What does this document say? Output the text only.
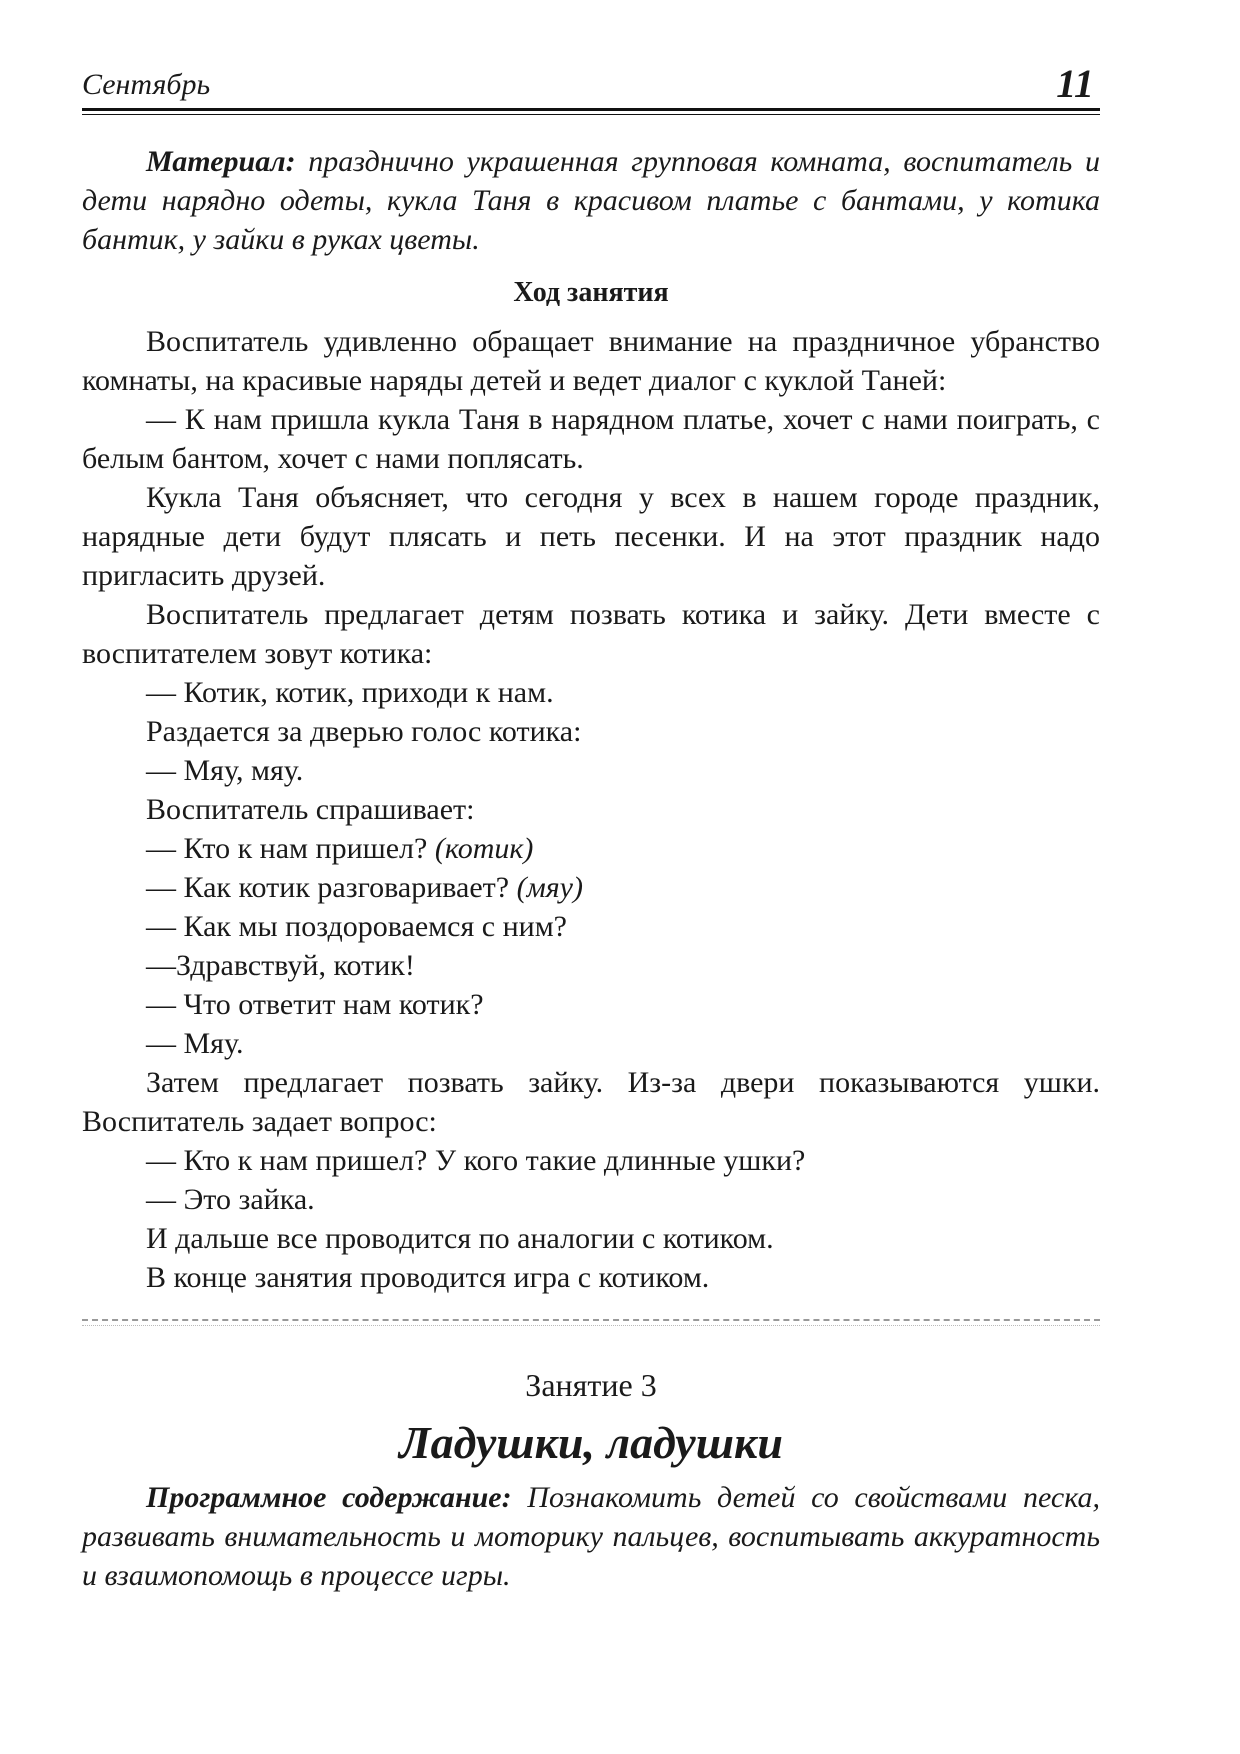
Сентябрь	11

Материал: празднично украшенная групповая комната, воспитатель и дети нарядно одеты, кукла Таня в красивом платье с бантами, у котика бантик, у зайки в руках цветы.

Ход занятия

Воспитатель удивленно обращает внимание на праздничное убранство комнаты, на красивые наряды детей и ведет диалог с куклой Таней:

— К нам пришла кукла Таня в нарядном платье, хочет с нами поиграть, с белым бантом, хочет с нами поплясать.

Кукла Таня объясняет, что сегодня у всех в нашем городе праздник, нарядные дети будут плясать и петь песенки. И на этот праздник надо пригласить друзей.

Воспитатель предлагает детям позвать котика и зайку. Дети вместе с воспитателем зовут котика:

— Котик, котик, приходи к нам.

Раздается за дверью голос котика:

— Мяу, мяу.

Воспитатель спрашивает:

— Кто к нам пришел? (котик)

— Как котик разговаривает? (мяу)

— Как мы поздороваемся с ним?

—Здравствуй, котик!

— Что ответит нам котик?

— Мяу.

Затем предлагает позвать зайку. Из-за двери показываются ушки. Воспитатель задает вопрос:

— Кто к нам пришел? У кого такие длинные ушки?

— Это зайка.

И дальше все проводится по аналогии с котиком.

В конце занятия проводится игра с котиком.

Занятие 3

Ладушки, ладушки

Программное содержание: Познакомить детей со свойствами песка, развивать внимательность и моторику пальцев, воспитывать аккуратность и взаимопомощь в процессе игры.
